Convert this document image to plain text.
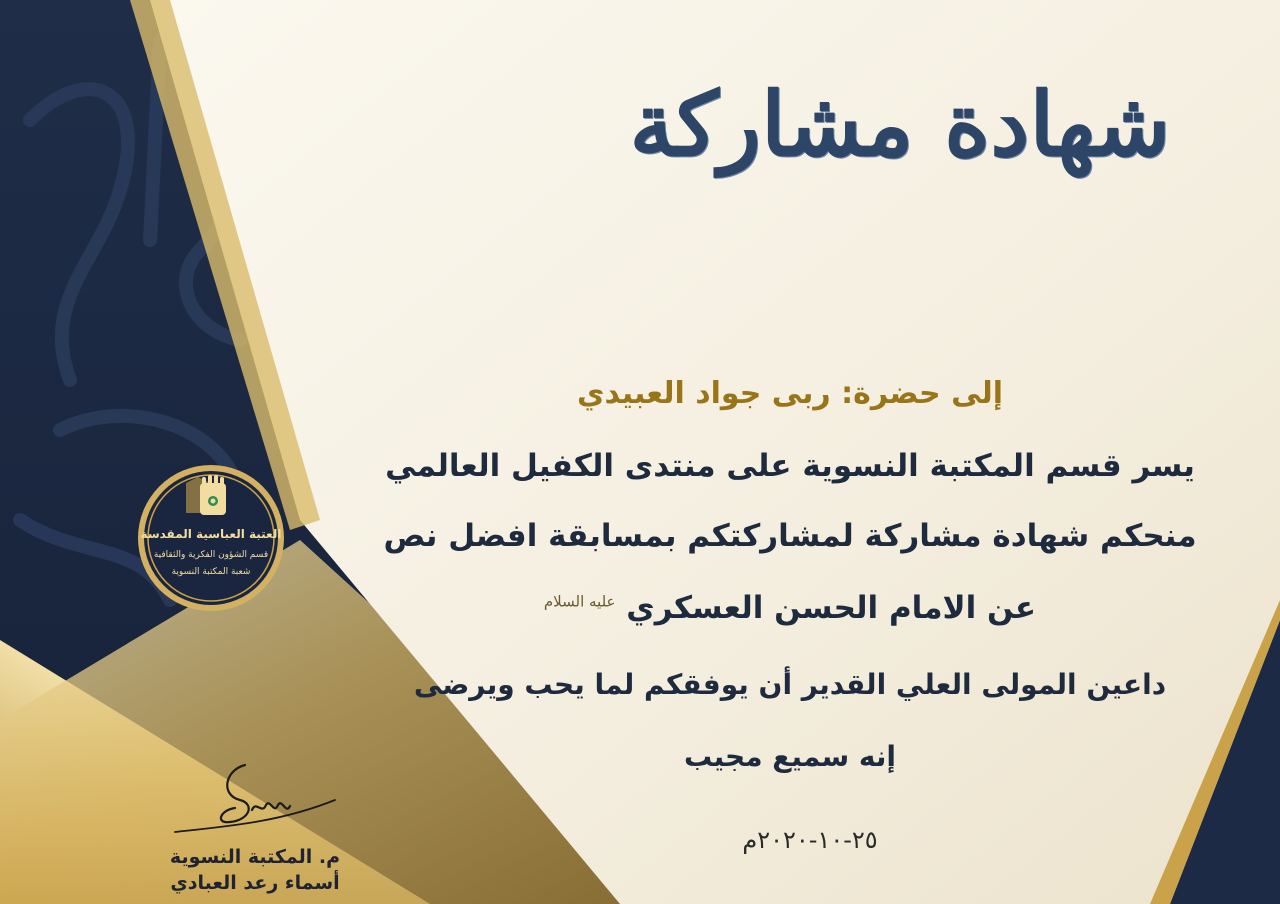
العتبة العباسية المقدسة

قسم الشؤون الفكرية والثقافية

شعبة المكتبة النسوية

شهادة مشاركة

إلى حضرة: ربى جواد العبيدي

يسر قسم المكتبة النسوية على منتدى الكفيل العالمي

منحكم شهادة مشاركة لمشاركتكم بمسابقة افضل نص

عن الامام الحسن العسكري $^{عليه السلام}$

داعين المولى العلي القدير أن يوفقكم لما يحب ويرضى

إنه سميع مجيب

٢٥-١٠-٢٠٢٠م

م. المكتبة النسوية

أسماء رعد العبادي
